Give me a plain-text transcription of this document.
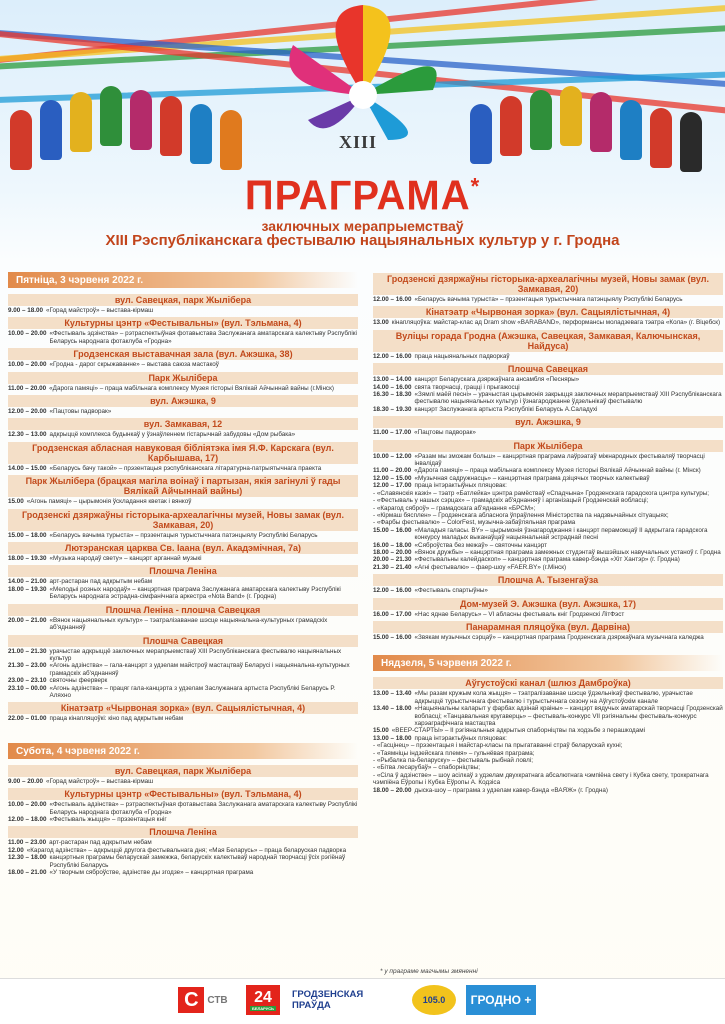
XIII
ПРАГРАМА*
заключных мерапрыемстваў
XIII Рэспубліканскага фестывалю нацыянальных культур у г. Гродна
Пятніца, 3 чэрвеня 2022 г.
вул. Савецкая, парк Жылібера
9.00 – 18.00 «Горад майстроў» – выстава-кірмаш
Культурны цэнтр «Фестывальны» (вул. Тэльмана, 4)
10.00 – 20.00 «Фестываль эдзінства» – рэтраспектыўная фотавыстава Заслужанага аматарскага калектыву Рэспублікі Беларусь народнага фотаклуба «Гродна»
Гродзенская выставачная зала (вул. Ажэшка, 38)
10.00 – 20.00 «Гродна - дарог скрыжаванне» – выстава саюза мастакоў
Парк Жылібера
11.00 – 20.00 «Дарога памяці» – праца мабільнага комплексу Музея гісторыі Вялікай Айчыннай вайны (г.Мінск)
вул. Ажэшка, 9
12.00 – 20.00 «Пацтовы падворак»
вул. Замкавая, 12
12.30 – 13.00 адкрыццё комплекса будынкаў у ўзнаўленнем гістарычнай забудовы «Дом рыбака»
Гродзенская абласная навуковая бібліятэка імя Я.Ф. Карскага (вул. Карбышава, 17)
14.00 – 15.00 «Беларусь бачу такой» – прэзентацыя рэспубліканскага літаратурна-патрыятычнага праекта
Парк Жылібера (брацкая магіла воінаў і партызан, якія загінулі ў гады Вялікай Айчыннай вайны)
15.00 «Агонь памяці» – цырымонія ўскладання кветак і вянкоў
Гродзенскі дзяржаўны гісторыка-археалагічны музей, Новы замак (вул. Замкавая, 20)
15.00 – 18.00 «Беларусь вачыма турыста» – прэзентацыя турыстычнага патэнцыялу Рэспублікі Беларусь
Лютэранская царква Св. Іаана (вул. Акадэмічная, 7а)
18.00 – 19.30 «Музыка народаў свету» – канцэрт арганнай музыкі
Плошча Леніна
14.00 – 21.00 арт-растаран пад адкрытым небам
18.00 – 19.30 «Мелодыі розных народаў» – канцэртная праграма Заслужанага аматарскага калектыву Рэспублікі Беларусь народнага эстрадна-сімфанічнага аркестра «Nota Band» (г. Гродна)
Плошча Леніна - плошча Савецкая
20.00 – 21.00 «Вянок нацыянальных культур» – тэатралізаванае шэсце нацыянальна-культурных грамадскіх аб'яднанняў
Плошча Савецкая
21.00 – 21.30 урачыстае адкрыццё заключных мерапрыемстваў XIII Рэспубліканскага фестывалю нацыянальных культур
21.30 – 23.00 «Агонь адзінства» – гала-канцэрт з удзелам майстроў мастацтваў Беларусі і нацыянальна-культурных грамадскіх аб'яднанняў
23.00 – 23.10 святочны феерверк
23.10 – 00.00 «Агонь адзінства» – працяг гала-канцэрта з удзелам Заслужанага артыста Рэспублікі Беларусь Р. Аляхно
Кінатэатр «Чырвоная зорка» (вул. Сацыялістычная, 4)
22.00 – 01.00 праца кінапляцоўкі: кіно пад адкрытым небам
Субота, 4 чэрвеня 2022 г.
вул. Савецкая, парк Жылібера
9.00 – 20.00 «Горад майстроў» – выстава-кірмаш
Культурны цэнтр «Фестывальны» (вул. Тэльмана, 4)
10.00 – 20.00 «Фестываль адзінства» – рэтраспектыўная фотавыстава Заслужанага аматарскага калектыву Рэспублікі Беларусь народнага фотаклуба «Гродна»
12.00 – 18.00 «Фестываль жыцця» – прэзентацыя кніг
Плошча Леніна
11.00 – 23.00 арт-растаран пад адкрытым небам
12.00 «Карагод адзінства» – адкрыццё другога фестывальнага дня; «Мая Беларусь» – праца беларуская падворка
12.30 – 18.00 канцэртныя праграмы беларускай замежжа, беларускіх калектываў народнай творчасці ўсіх рэгіёнаў Рэспублікі Беларусь
18.00 – 21.00 «У творчым сяброўстве, адзінстве ды згодзе» – канцэртная праграма
Гродзенскі дзяржаўны гісторыка-археалагічны музей, Новы замак (вул. Замкавая, 20)
12.00 – 16.00 «Беларусь вачыма турыста» – прэзентацыя турыстычнага патэнцыялу Рэспублікі Беларусь
Кінатэатр «Чырвоная зорка» (вул. Сацыялістычная, 4)
13.00 кінапляцоўка: майстар-клас ад Dram show «BARABAND», перформансы моладзевага тэатра «Кола» (г. Віцебск)
Вуліцы горада Гродна (Ажэшка, Савецкая, Замкавая, Калючынская, Найдуса)
12.00 – 16.00 праца нацыянальных падворкаў
Плошча Савецкая
13.00 – 14.00 канцэрт Беларускага дзяржаўнага ансамбля «Песняры»
14.00 – 16.00 свята творчасці, грацці і прыгажосці
16.30 – 18.30 «Зямлі маёй песні» – урачыстая цырымонія закрыцця заключных мерапрыемстваў XIII Рэспубліканскага фестывалю нацыянальных культур і ўзнагароджанне ўдзельнікаў фестывалю
18.30 – 19.30 канцэрт Заслужанага артыста Рэспублікі Беларусь А.Саладухі
вул. Ажэшка, 9
11.00 – 17.00 «Пацтовы падворак»
Парк Жылібера
10.00 – 12.00 «Разам мы зможам больш» – канцэртная праграма лаўрэатаў міжнародных фестываляў творчасці інвалідаў
11.00 – 20.00 «Дарога памяці» – праца мабільнага комплексу Музея гісторыі Вялікай Айчыннай вайны (г. Мінск)
12.00 – 15.00 «Музычная садружнасць» – канцэртная праграма дзіцячых творчых калектываў
12.00 – 17.00 праца інтэрактыўных пляцовак:
- «Славянскія казкі» – тэатр «Батлейка» цэнтра рамёстваў «Спадчына» Гродзенскага гарадскога цэнтра культуры;
- «Фестываль у нашых сэрцах» – грамадскіх аб'яднанняў і арганізацый Гродзенскай вобласці;
- «Карагод сяброў» – грамадскага аб'яднання «БРСМ»;
- «Кірмаш бясплен» – Гродзенскага абласнога ўпраўлення Міністэрства па надзвычайных сітуацыях;
- «Фарбы фестывалю» – ColorFest, музычна-забаўляльная праграма
15.00 – 16.00 «Маладыя галасы. BY» – цырымонія ўзнагароджання і канцэрт пераможцаў II адкрытага гарадскога конкурсу маладых выканаўцаў нацыянальнай эстраднай песні
16.00 – 18.00 «Сяброўства без межаў» – святочны канцэрт
18.00 – 20.00 «Вянок дружбы» – канцэртная праграма замежных студэнтаў вышэйшых навучальных устаноў г. Гродна
20.00 – 21.30 «Фестывальны калейдаскоп» – канцэртная праграма кавер-бэнда «Хіт Хантэр» (г. Гродна)
21.30 – 21.40 «Агні фестывалю» – фаер-шоу «FAER.BY» (г.Мінск)
Плошча А. Тызенгаўза
12.00 – 16.00 «Фестываль спартыўны»
Дом-музей Э. Ажэшка (вул. Ажэшка, 17)
16.00 – 17.00 «Нас яднае Беларусь» – VI абласны фестываль кніг Гродзенскі ЛітФэст
Панарамная пляцоўка (вул. Дарвіна)
15.00 – 16.00 «Звякам музычных сэрцаў» – канцэртная праграма Гродзенскага дзяржаўнага музычнага каледжа
Нядзеля, 5 чэрвеня 2022 г.
Аўгустоўскі канал (шлюз Дамброўка)
13.00 – 13.40 «Мы разам кружым кола жыцця» – тэатралізаванае шэсце ўдзельнікаў фестывалю, урачыстае адкрыццё турыстычнага фестывалю і турыстычнага сезону на Аўгустоўскім канале
13.40 – 18.00 «Нацыянальны каларыт у фарбах адзінай краіны» – канцэрт вядучых аматарскай творчасці Гродзенскай вобласці; «Танцавальная кругаверць» – фестываль-конкурс VII рэгіянальны фестываль-конкурс харэаграфічнага мастацтва
15.00 «ВЕЕР-СТАРТЫ» – II рэгіянальныя адкрытыя спаборніцтвы па ходзьбе з перашкодамі
13.00 – 18.00 праца інтэрактыўных пляцовак:
- «Гасцінец» – прэзентацыя і майстар-класы па прыгатаванні страў беларускай кухні;
- «Таямніцы індзейскага племя» – гульнёвая праграма;
- «Рыбалка па-беларуску» – фестываль рыбнай ловлі;
- «Бітва лесарубаў» – спаборніцтвы;
- «Сіла ў адзінстве» – шоу асілкаў з удзелам двухкратнага абсалютнага чэмпіёна свету і Кубка свету, трохкратнага чэмпіёна Еўропы і Кубка Еўропы А. Кодзіса
18.00 – 20.00 дыска-шоу – праграма з удзелам кавер-бэнда «ВАЯЖ» (г. Гродна)
* у праграме магчымы змяненні
С СТВ 24
БЕЛАРУСЬ
ГРОДЗЕНСКАЯ ПРАЎДА	105.0	ГРОДНО +
